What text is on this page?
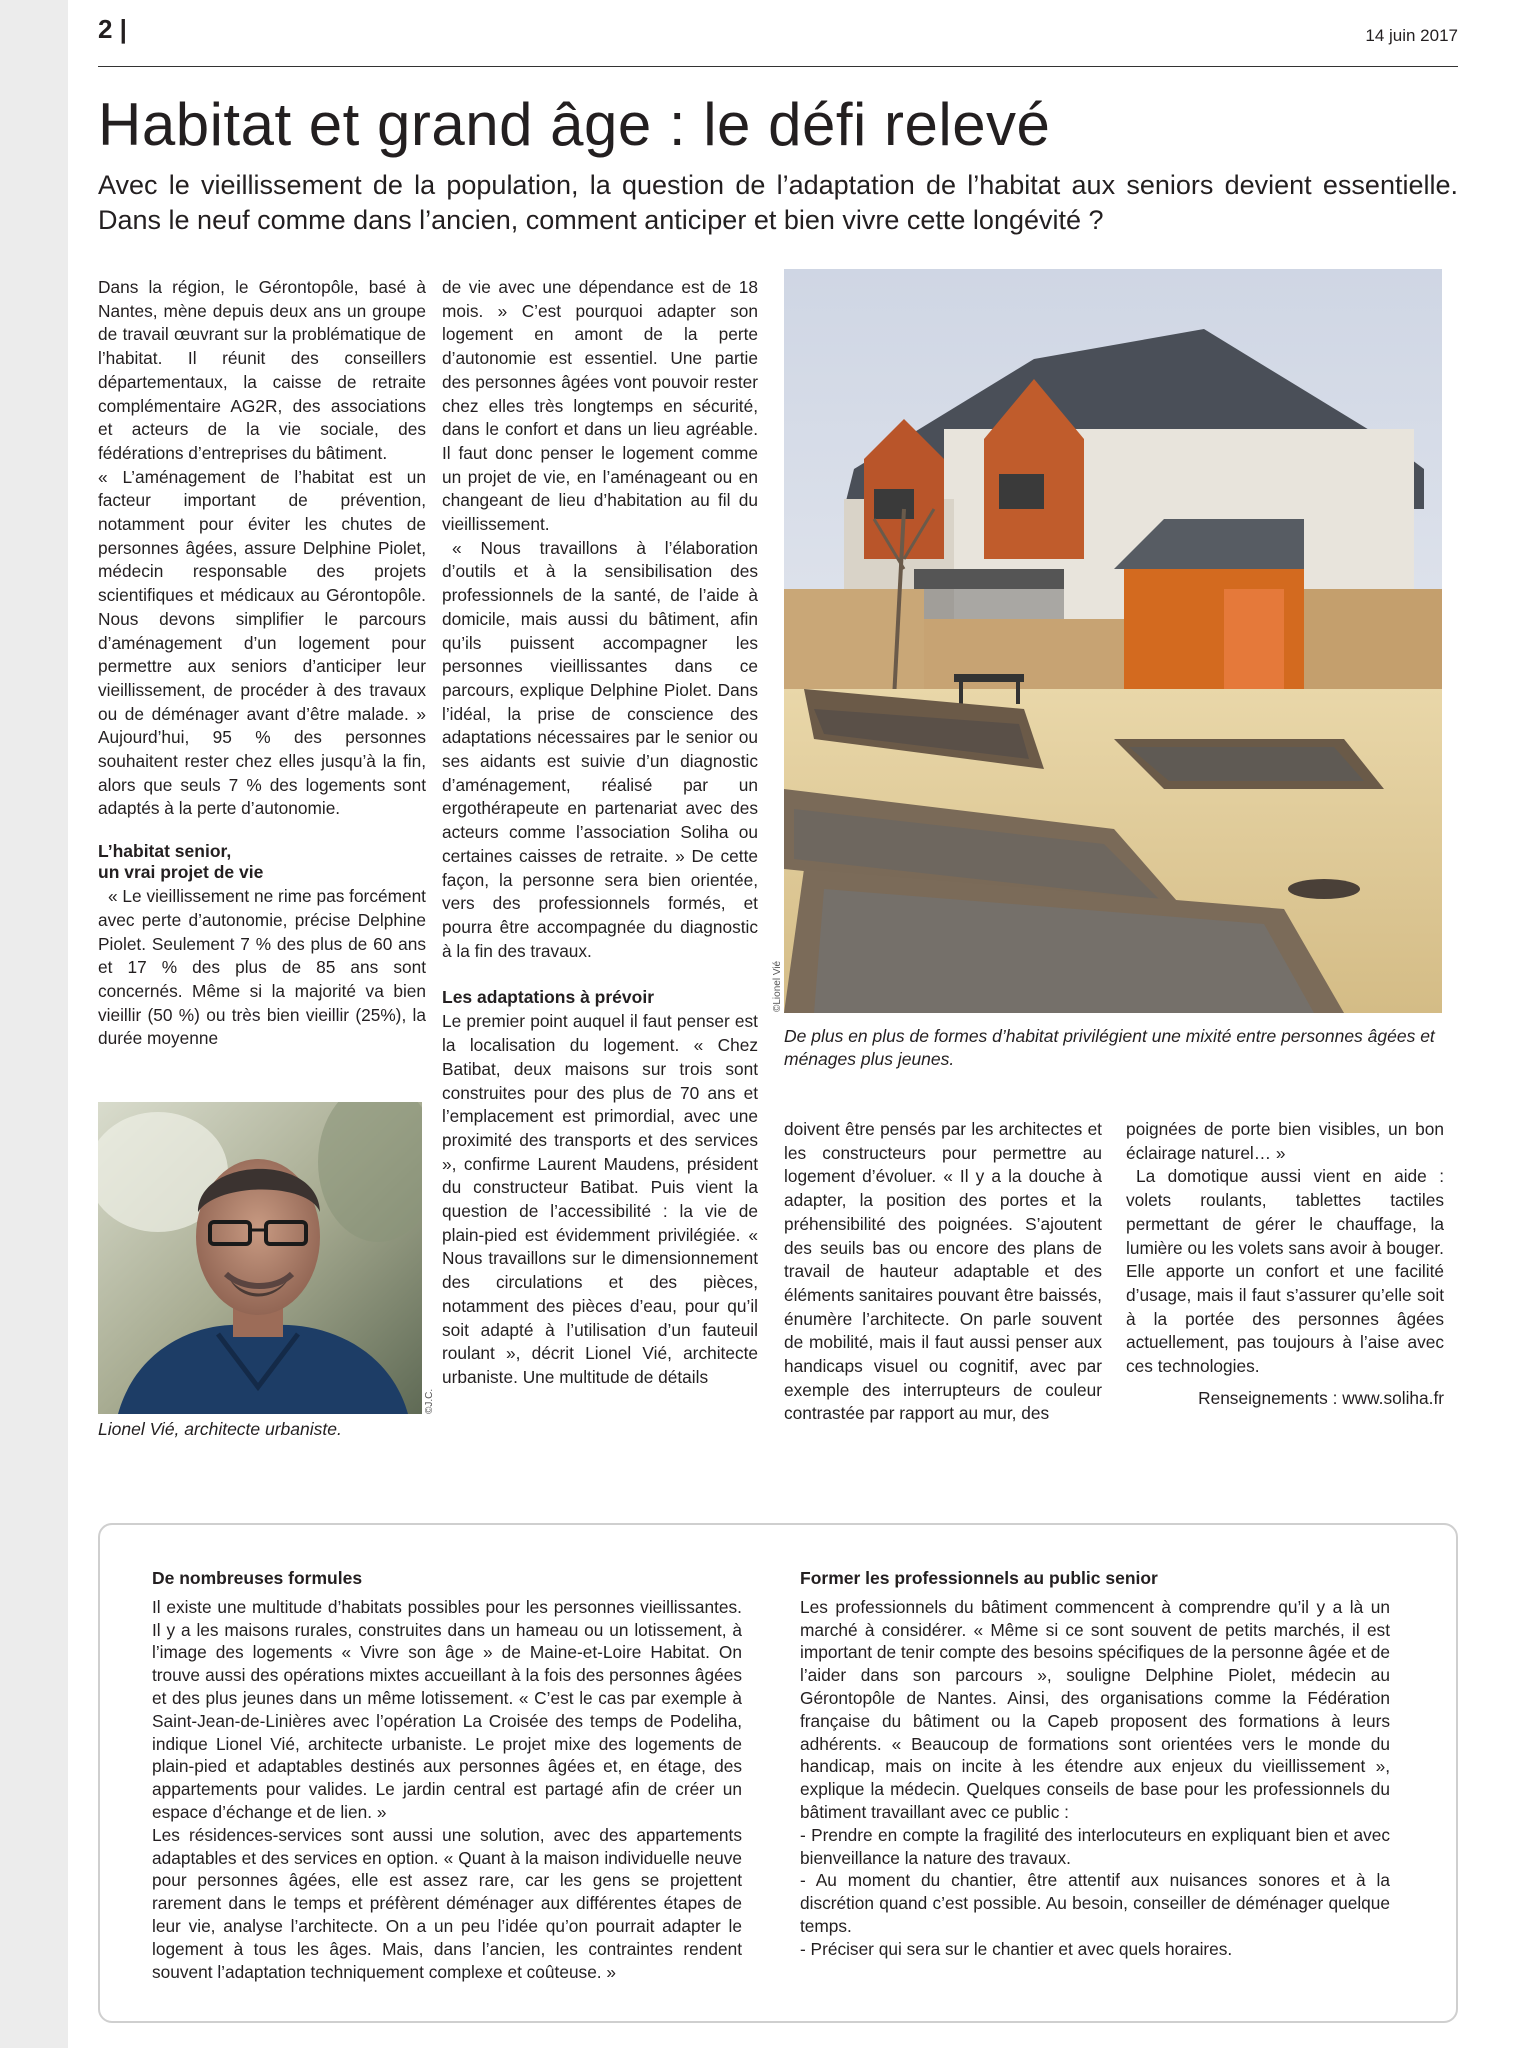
2 |	14 juin 2017
Habitat et grand âge : le défi relevé

Avec le vieillissement de la population, la question de l’adaptation de l’habitat aux seniors devient essentielle. Dans le neuf comme dans l’ancien, comment anticiper et bien vivre cette longévité ?

Dans la région, le Gérontopôle, basé à Nantes, mène depuis deux ans un groupe de travail œuvrant sur la problématique de l’habitat. Il réunit des conseillers départementaux, la caisse de retraite complémentaire AG2R, des associations et acteurs de la vie sociale, des fédérations d’entreprises du bâtiment.

« L’aménagement de l’habitat est un facteur important de prévention, notamment pour éviter les chutes de personnes âgées, assure Delphine Piolet, médecin responsable des projets scientifiques et médicaux au Gérontopôle. Nous devons simplifier le parcours d’aménagement d’un logement pour permettre aux seniors d’anticiper leur vieillissement, de procéder à des travaux ou de déménager avant d’être malade. » Aujourd’hui, 95 % des personnes souhaitent rester chez elles jusqu’à la fin, alors que seuls 7 % des logements sont adaptés à la perte d’autonomie.

L’habitat senior,
un vrai projet de vie

« Le vieillissement ne rime pas forcément avec perte d’autonomie, précise Delphine Piolet. Seulement 7 % des plus de 60 ans et 17 % des plus de 85 ans sont concernés. Même si la majorité va bien vieillir (50 %) ou très bien vieillir (25%), la durée moyenne

©J.C.
Lionel Vié, architecte urbaniste.

de vie avec une dépendance est de 18 mois. » C’est pourquoi adapter son logement en amont de la perte d’autonomie est essentiel. Une partie des personnes âgées vont pouvoir rester chez elles très longtemps en sécurité, dans le confort et dans un lieu agréable. Il faut donc penser le logement comme un projet de vie, en l’aménageant ou en changeant de lieu d’habitation au fil du vieillissement.

« Nous travaillons à l’élaboration d’outils et à la sensibilisation des professionnels de la santé, de l’aide à domicile, mais aussi du bâtiment, afin qu’ils puissent accompagner les personnes vieillissantes dans ce parcours, explique Delphine Piolet. Dans l’idéal, la prise de conscience des adaptations nécessaires par le senior ou ses aidants est suivie d’un diagnostic d’aménagement, réalisé par un ergothérapeute en partenariat avec des acteurs comme l’association Soliha ou certaines caisses de retraite. » De cette façon, la personne sera bien orientée, vers des professionnels formés, et pourra être accompagnée du diagnostic à la fin des travaux.

Les adaptations à prévoir

Le premier point auquel il faut penser est la localisation du logement. « Chez Batibat, deux maisons sur trois sont construites pour des plus de 70 ans et l’emplacement est primordial, avec une proximité des transports et des services », confirme Laurent Maudens, président du constructeur Batibat. Puis vient la question de l’accessibilité : la vie de plain-pied est évidemment privilégiée. « Nous travaillons sur le dimensionnement des circulations et des pièces, notamment des pièces d’eau, pour qu’il soit adapté à l’utilisation d’un fauteuil roulant », décrit Lionel Vié, architecte urbaniste. Une multitude de détails

©Lionel Vié
De plus en plus de formes d’habitat privilégient une mixité entre personnes âgées et ménages plus jeunes.

doivent être pensés par les architectes et les constructeurs pour permettre au logement d’évoluer. « Il y a la douche à adapter, la position des portes et la préhensibilité des poignées. S’ajoutent des seuils bas ou encore des plans de travail de hauteur adaptable et des éléments sanitaires pouvant être baissés, énumère l’architecte. On parle souvent de mobilité, mais il faut aussi penser aux handicaps visuel ou cognitif, avec par exemple des interrupteurs de couleur contrastée par rapport au mur, des

poignées de porte bien visibles, un bon éclairage naturel… »

La domotique aussi vient en aide : volets roulants, tablettes tactiles permettant de gérer le chauffage, la lumière ou les volets sans avoir à bouger. Elle apporte un confort et une facilité d’usage, mais il faut s’assurer qu’elle soit à la portée des personnes âgées actuellement, pas toujours à l’aise avec ces technologies.

Renseignements : www.soliha.fr

De nombreuses formules

Il existe une multitude d’habitats possibles pour les personnes vieillissantes. Il y a les maisons rurales, construites dans un hameau ou un lotissement, à l’image des logements « Vivre son âge » de Maine-et-Loire Habitat. On trouve aussi des opérations mixtes accueillant à la fois des personnes âgées et des plus jeunes dans un même lotissement. « C’est le cas par exemple à Saint-Jean-de-Linières avec l’opération La Croisée des temps de Podeliha, indique Lionel Vié, architecte urbaniste. Le projet mixe des logements de plain-pied et adaptables destinés aux personnes âgées et, en étage, des appartements pour valides. Le jardin central est partagé afin de créer un espace d’échange et de lien. »

Les résidences-services sont aussi une solution, avec des appartements adaptables et des services en option. « Quant à la maison individuelle neuve pour personnes âgées, elle est assez rare, car les gens se projettent rarement dans le temps et préfèrent déménager aux différentes étapes de leur vie, analyse l’architecte. On a un peu l’idée qu’on pourrait adapter le logement à tous les âges. Mais, dans l’ancien, les contraintes rendent souvent l’adaptation techniquement complexe et coûteuse. »

Former les professionnels au public senior

Les professionnels du bâtiment commencent à comprendre qu’il y a là un marché à considérer. « Même si ce sont souvent de petits marchés, il est important de tenir compte des besoins spécifiques de la personne âgée et de l’aider dans son parcours », souligne Delphine Piolet, médecin au Gérontopôle de Nantes. Ainsi, des organisations comme la Fédération française du bâtiment ou la Capeb proposent des formations à leurs adhérents. « Beaucoup de formations sont orientées vers le monde du handicap, mais on incite à les étendre aux enjeux du vieillissement », explique la médecin. Quelques conseils de base pour les professionnels du bâtiment travaillant avec ce public :

- Prendre en compte la fragilité des interlocuteurs en expliquant bien et avec bienveillance la nature des travaux.

- Au moment du chantier, être attentif aux nuisances sonores et à la discrétion quand c’est possible. Au besoin, conseiller de déménager quelque temps.

- Préciser qui sera sur le chantier et avec quels horaires.
